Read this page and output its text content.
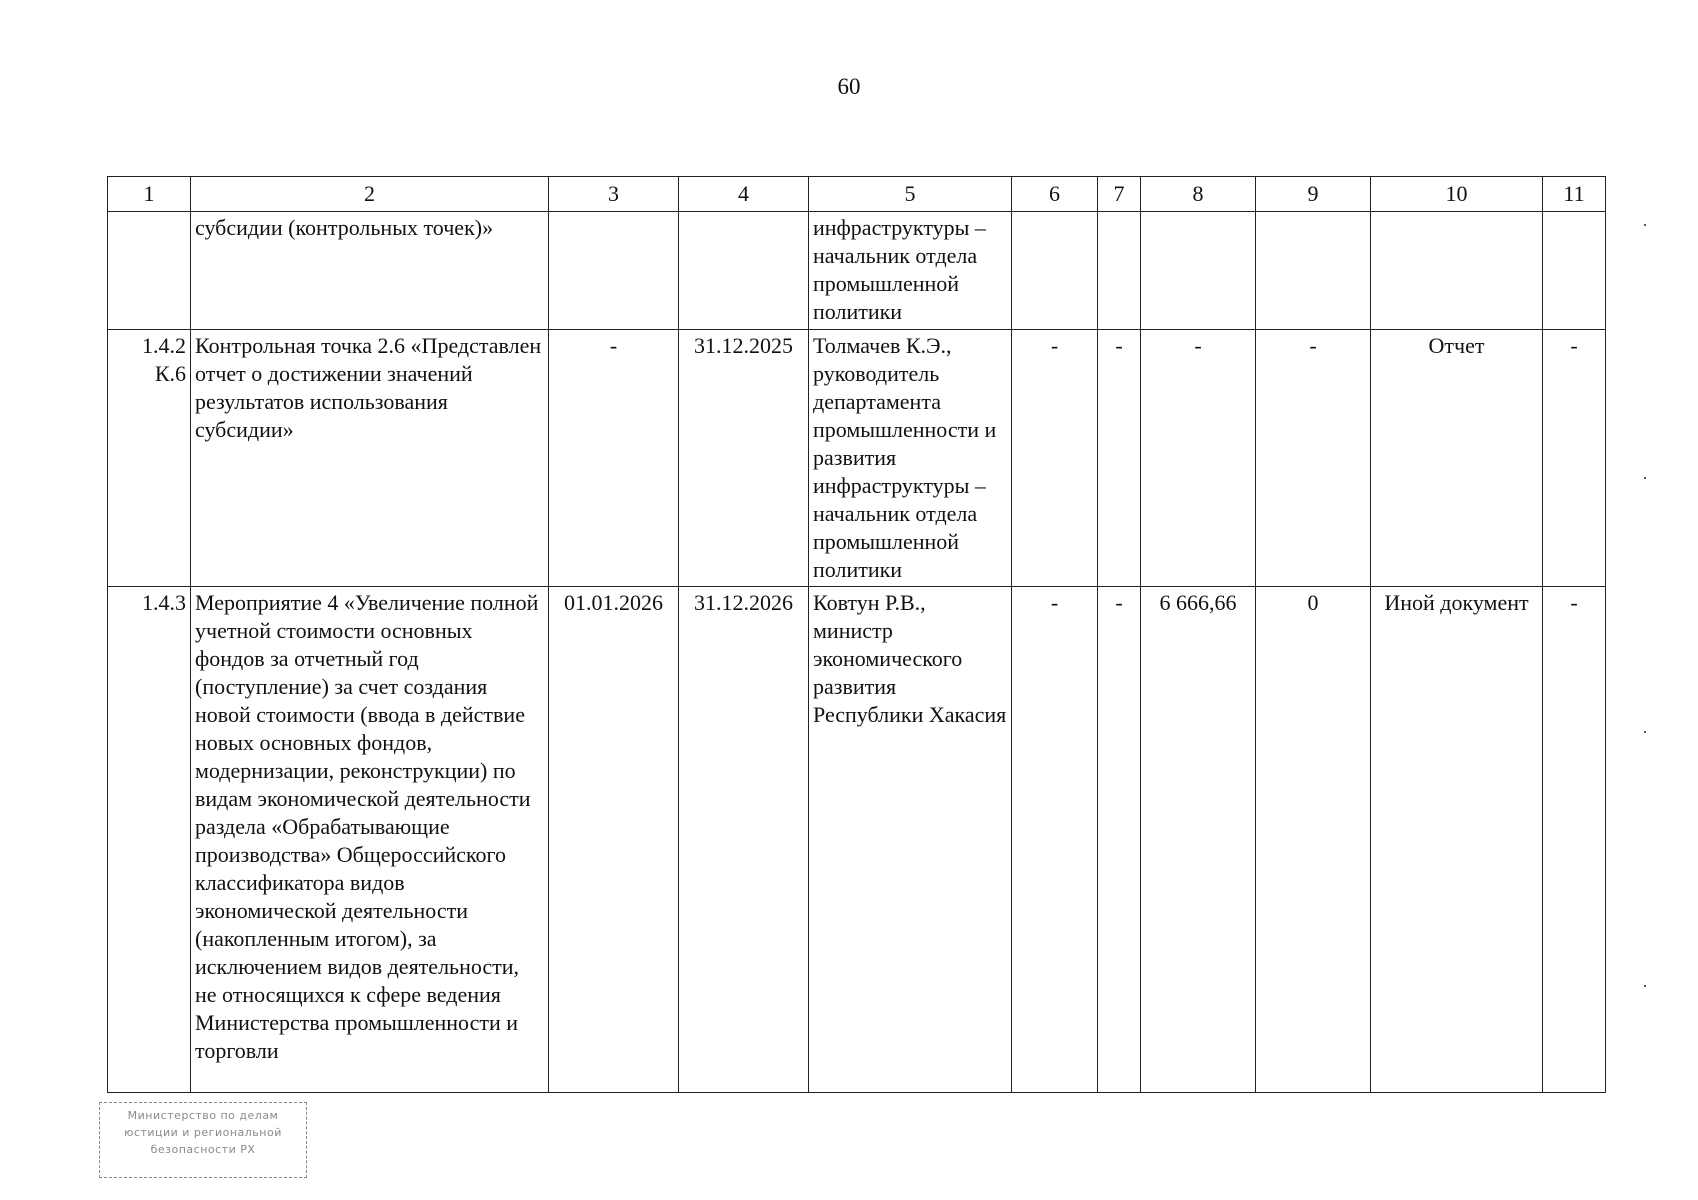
60
1	2	3	4	5	6	7	8	9	10	11
	субсидии (контрольных точек)»			инфраструктуры – начальник отдела промышленной политики						
1.4.2 К.6	Контрольная точка 2.6 «Представлен отчет о достижении значений результатов использования субсидии»	-	31.12.2025	Толмачев К.Э., руководитель департамента промышленности и развития инфраструктуры – начальник отдела промышленной политики	-	-	-	-	Отчет	-
1.4.3	Мероприятие 4 «Увеличение полной учетной стоимости основных фондов за отчетный год (поступление) за счет создания новой стоимости (ввода в действие новых основных фондов, модернизации, реконструкции) по видам экономической деятельности раздела «Обрабатывающие производства» Общероссийского классификатора видов экономической деятельности (накопленным итогом), за исключением видов деятельности, не относящихся к сфере ведения Министерства промышленности и торговли	01.01.2026	31.12.2026	Ковтун Р.В., министр экономического развития Республики Хакасия	-	-	6 666,66	0	Иной документ	-
Министерство по делам
юстиции и региональной
безопасности РХ
